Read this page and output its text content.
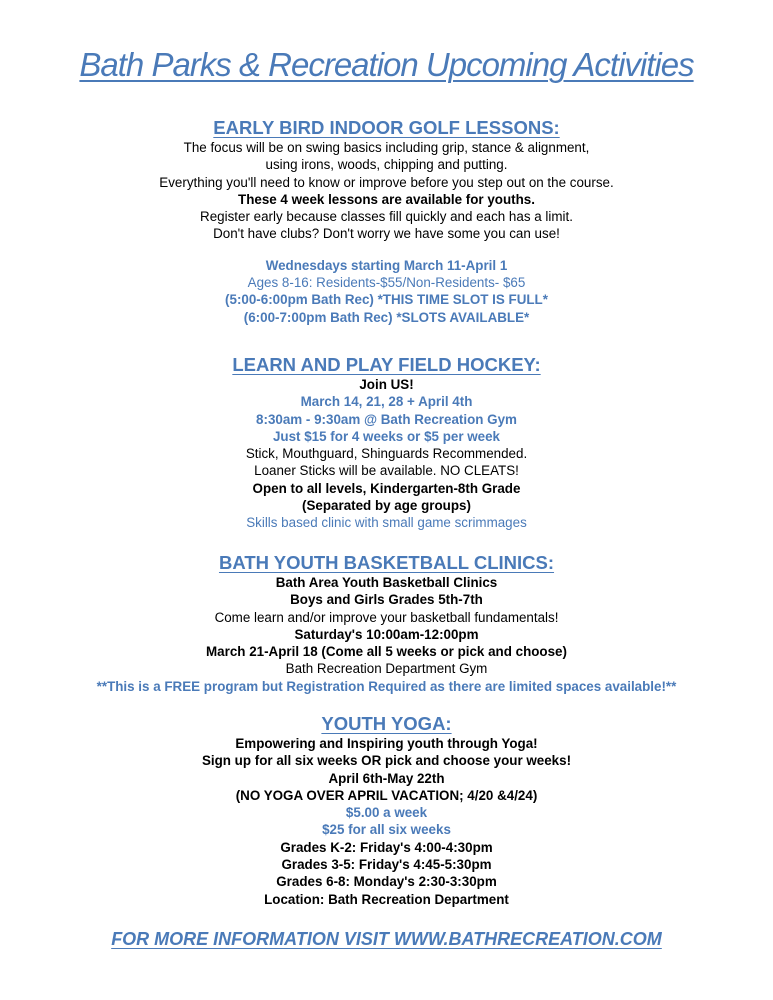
Bath Parks & Recreation Upcoming Activities
EARLY BIRD INDOOR GOLF LESSONS:
The focus will be on swing basics including grip, stance & alignment,
using irons, woods, chipping and putting.
Everything you'll need to know or improve before you step out on the course.
These 4 week lessons are available for youths.
Register early because classes fill quickly and each has a limit.
Don't have clubs? Don't worry we have some you can use!
Wednesdays starting March 11-April 1
Ages 8-16: Residents-$55/Non-Residents- $65
(5:00-6:00pm Bath Rec) *THIS TIME SLOT IS FULL*
(6:00-7:00pm Bath Rec) *SLOTS AVAILABLE*
LEARN AND PLAY FIELD HOCKEY:
Join US!
March 14, 21, 28 + April 4th
8:30am - 9:30am @ Bath Recreation Gym
Just $15 for 4 weeks or $5 per week
Stick, Mouthguard, Shinguards Recommended.
Loaner Sticks will be available. NO CLEATS!
Open to all levels, Kindergarten-8th Grade
(Separated by age groups)
Skills based clinic with small game scrimmages
BATH YOUTH BASKETBALL CLINICS:
Bath Area Youth Basketball Clinics
Boys and Girls Grades 5th-7th
Come learn and/or improve your basketball fundamentals!
Saturday's 10:00am-12:00pm
March 21-April 18 (Come all 5 weeks or pick and choose)
Bath Recreation Department Gym
**This is a FREE program but Registration Required as there are limited spaces available!**
YOUTH YOGA:
Empowering and Inspiring youth through Yoga!
Sign up for all six weeks OR pick and choose your weeks!
April 6th-May 22th
(NO YOGA OVER APRIL VACATION; 4/20 &4/24)
$5.00 a week
$25 for all six weeks
Grades K-2: Friday's 4:00-4:30pm
Grades 3-5: Friday's 4:45-5:30pm
Grades 6-8: Monday's 2:30-3:30pm
Location: Bath Recreation Department
FOR MORE INFORMATION VISIT WWW.BATHRECREATION.COM
